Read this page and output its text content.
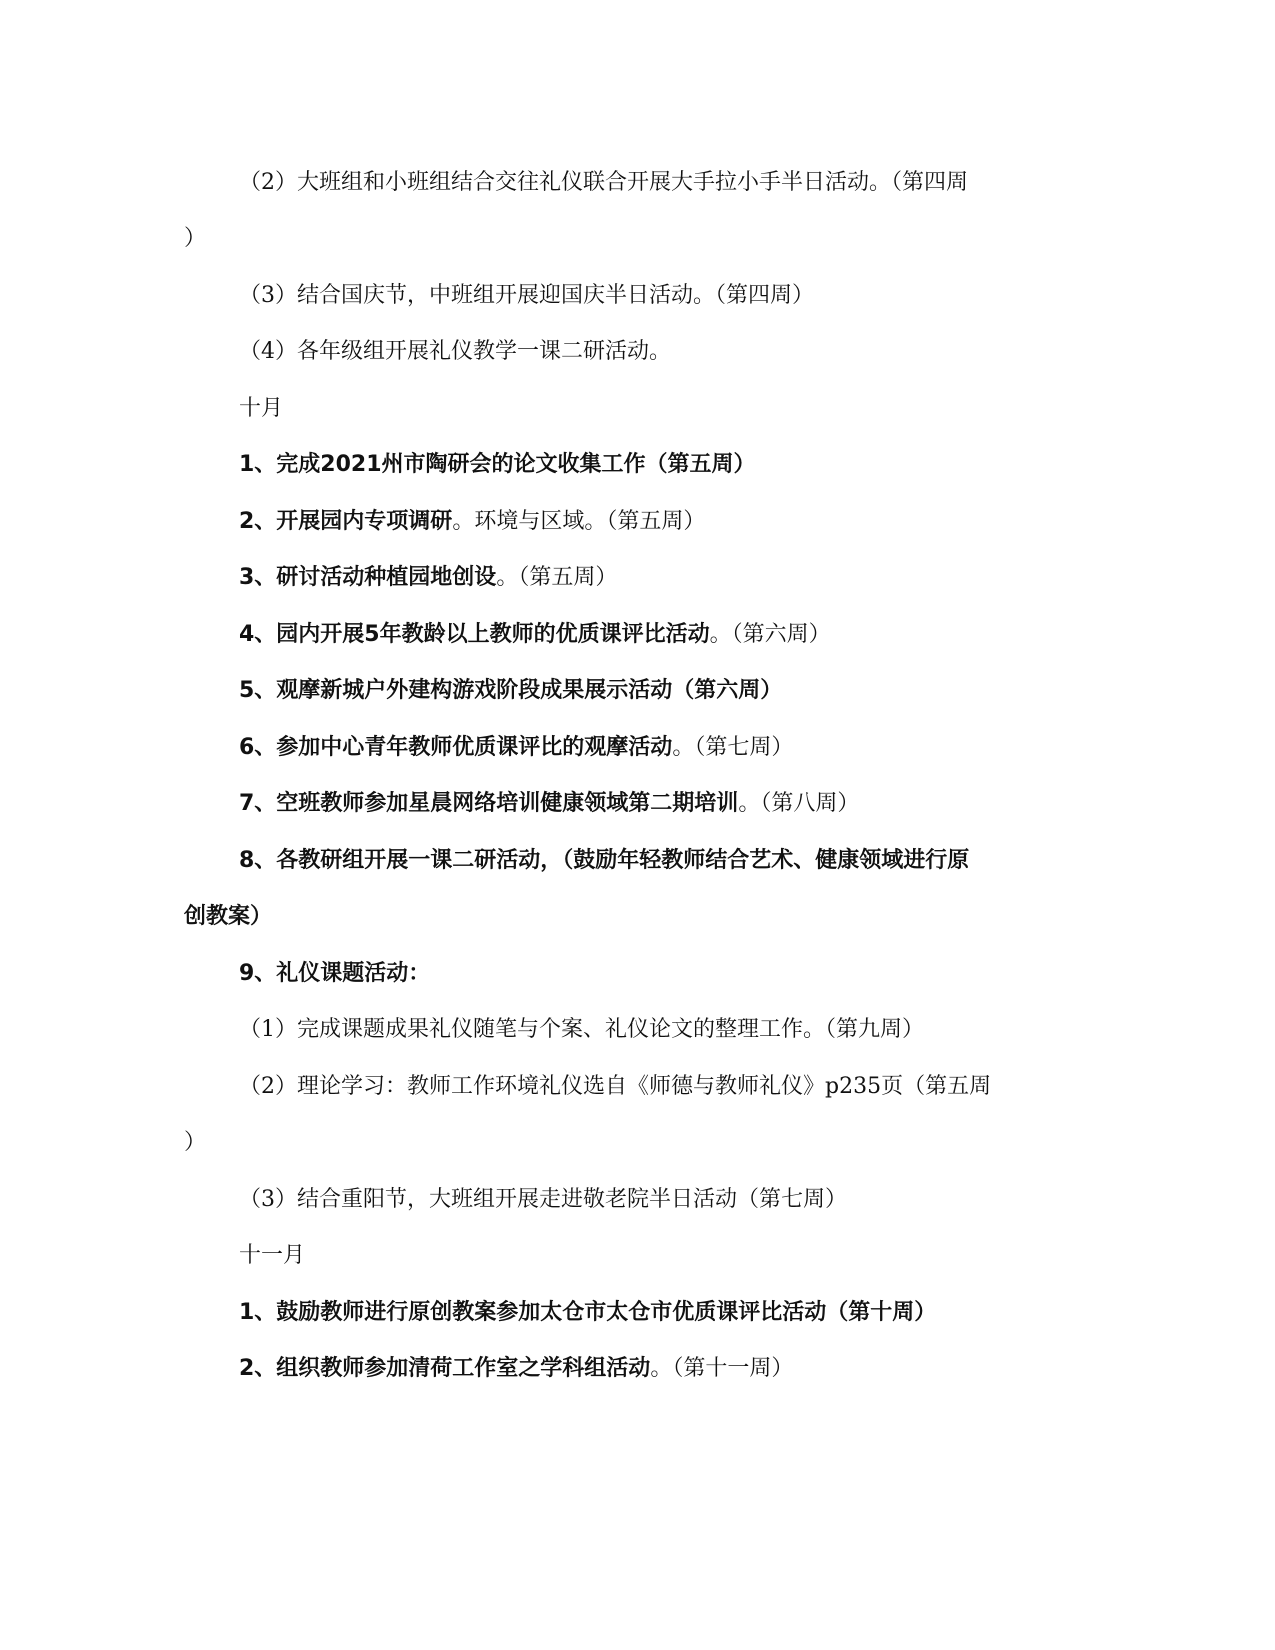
（2）大班组和小班组结合交往礼仪联合开展大手拉小手半日活动。（第四周
）
（3）结合国庆节，中班组开展迎国庆半日活动。（第四周）
（4）各年级组开展礼仪教学一课二研活动。
十月
1、完成2021州市陶研会的论文收集工作（第五周）
2、开展园内专项调研。环境与区域。（第五周）
3、研讨活动种植园地创设。（第五周）
4、园内开展5年教龄以上教师的优质课评比活动。（第六周）
5、观摩新城户外建构游戏阶段成果展示活动（第六周）
6、参加中心青年教师优质课评比的观摩活动。（第七周）
7、空班教师参加星晨网络培训健康领域第二期培训。（第八周）
8、各教研组开展一课二研活动，（鼓励年轻教师结合艺术、健康领域进行原
创教案）
9、礼仪课题活动：
（1）完成课题成果礼仪随笔与个案、礼仪论文的整理工作。（第九周）
（2）理论学习：教师工作环境礼仪选自《师德与教师礼仪》p235页（第五周
）
（3）结合重阳节，大班组开展走进敬老院半日活动（第七周）
十一月
1、鼓励教师进行原创教案参加太仓市太仓市优质课评比活动（第十周）
2、组织教师参加清荷工作室之学科组活动。（第十一周）
